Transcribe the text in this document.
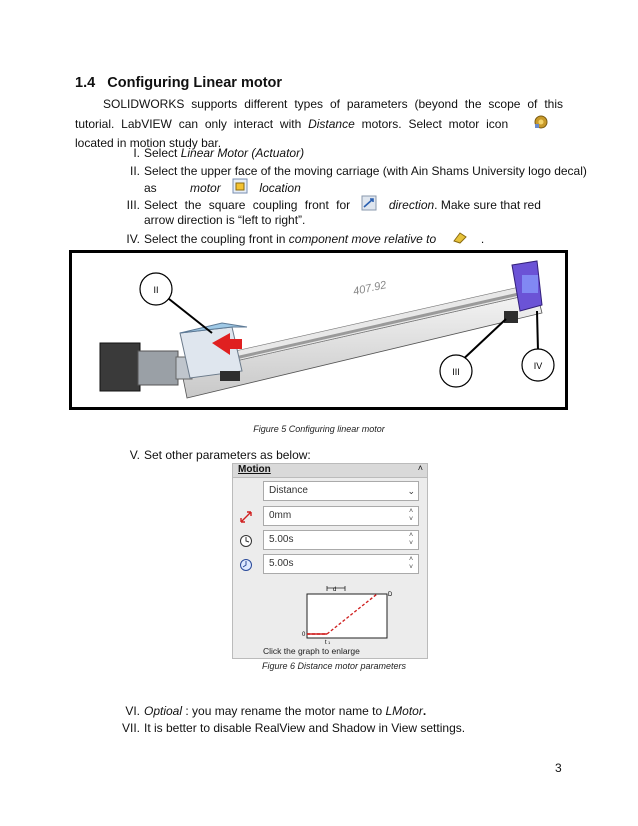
1.4 Configuring Linear motor
SOLIDWORKS supports different types of parameters (beyond the scope of this tutorial. LabVIEW can only interact with Distance motors. Select motor icon located in motion study bar.
I. Select Linear Motor (Actuator)
II. Select the upper face of the moving carriage (with Ain Shams University logo decal)
as	motor	location
III. Select the square coupling front for	direction. Make sure that red
arrow direction is “left to right”.
IV. Select the coupling front in component move relative to	.
407.92
II
III
IV
Figure 5 Configuring linear motor
V. Set other parameters as below:
Motion	˄
Distance	⌄
0mm	˄
˅
5.00s	˄
˅
5.00s	˄
˅
d
0
D
t 1
Click the graph to enlarge
Figure 6 Distance motor parameters
VI. Optioal : you may rename the motor name to LMotor.
VII. It is better to disable RealView and Shadow in View settings.
3
